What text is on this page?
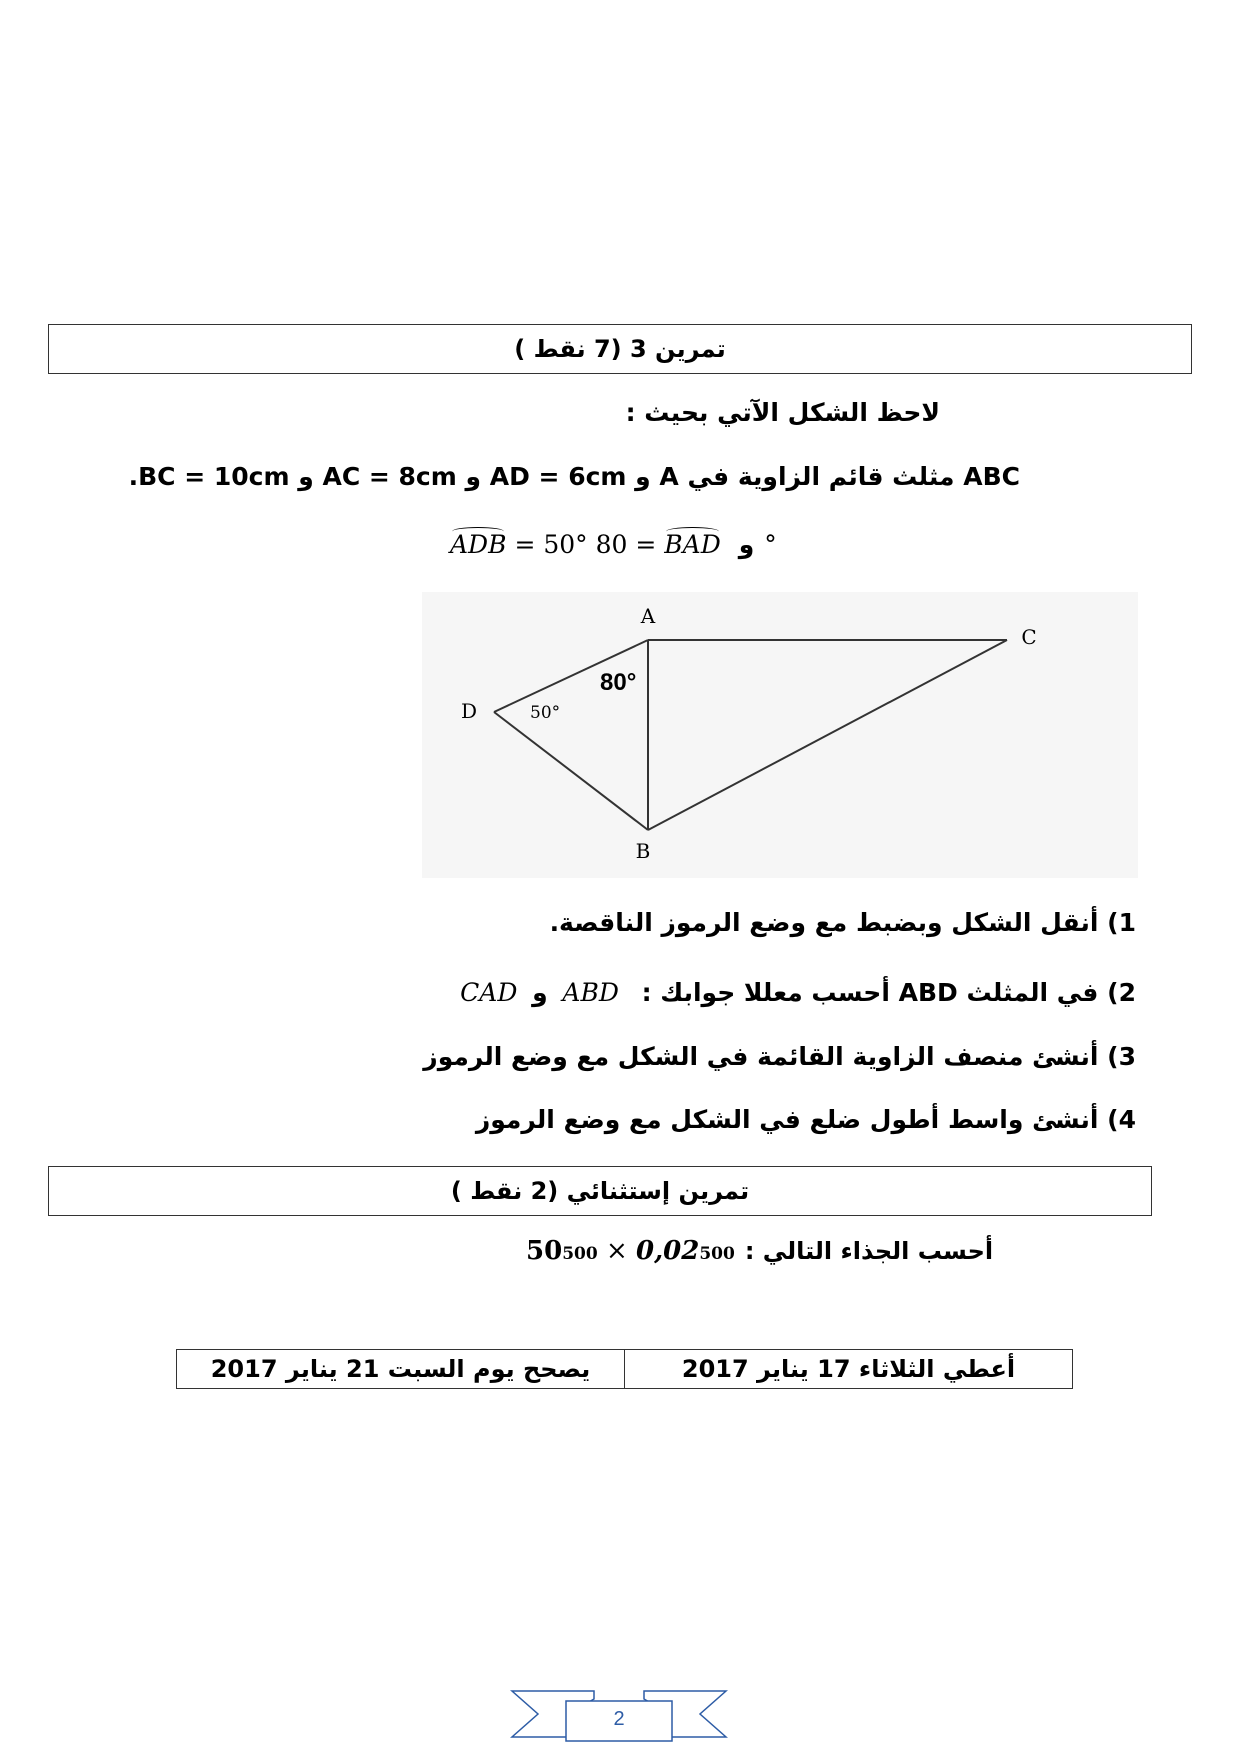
تمرين 3 (7 نقط )
لاحظ الشكل الآتي بحيث :
ABC مثلث قائم الزاوية في A و AD = 6cm و AC = 8cm و BC = 10cm.
ADB = 50°	و BAD = 80°
A
B
C
D
80°
50°
1) أنقل الشكل وبضبط مع وضع الرموز الناقصة.
2) في المثلث ABD أحسب معللا جوابك : ABD و CAD
3) أنشئ منصف الزاوية القائمة في الشكل مع وضع الرموز
4) أنشئ واسط أطول ضلع في الشكل مع وضع الرموز
تمرين إستثنائي (2 نقط )
50 500 × 0,02 500 أحسب الجذاء التالي :
يصحح يوم السبت 21 يناير 2017	أعطي الثلاثاء 17 يناير 2017
2
